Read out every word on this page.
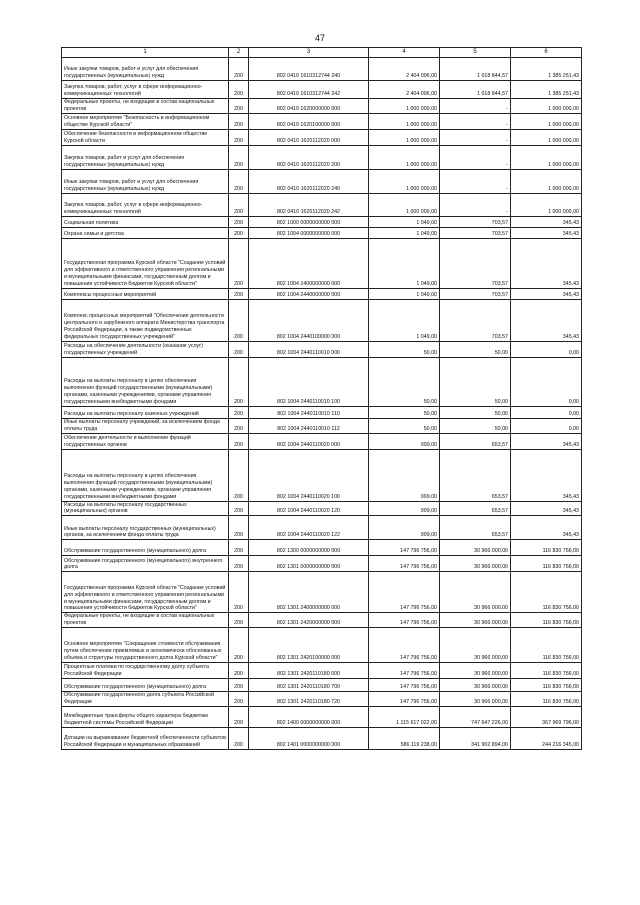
47
1	2	3	4	5	6
Иные закупки товаров, работ и услуг для обеспечения государственных (муниципальных) нужд	200	802 0410 1610312744 240	2 404 096,00	1 018 844,57	1 385 251,43
Закупка товаров, работ, услуг в сфере информационно-коммуникационных технологий	200	802 0410 1610312744 242	2 404 096,00	1 018 844,57	1 385 251,43
Федеральные проекты, не входящие в состав национальных проектов	200	802 0410 1620000000 000	1 000 000,00	-	1 000 000,00
Основное мероприятие "Безопасность в информационном обществе Курской области"	200	802 0410 1620100000 000	1 000 000,00	-	1 000 000,00
Обеспечение безопасности в информационном обществе Курской области	200	802 0410 1620112020 000	1 000 000,00	-	1 000 000,00
Закупка товаров, работ и услуг для обеспечения государственных (муниципальных) нужд	200	802 0410 1620112020 200	1 000 000,00	-	1 000 000,00
Иные закупки товаров, работ и услуг для обеспечения государственных (муниципальных) нужд	200	802 0410 1620112020 240	1 000 000,00	-	1 000 000,00
Закупка товаров, работ, услуг в сфере информационно-коммуникационных технологий	200	802 0410 1620112020 242	1 000 000,00	-	1 000 000,00
Социальная политика	200	802 1000 0000000000 000	1 049,00	703,57	345,43
Охрана семьи и детства	200	802 1004 0000000000 000	1 049,00	703,57	345,43
Государственная программа Курской области "Создание условий для эффективного и ответственного управления региональными и муниципальными финансами, государственным долгом и повышения устойчивости бюджетов Курской области"	200	802 1004 2400000000 000	1 049,00	703,57	345,43
Комплексы процессных мероприятий	200	802 1004 2440000000 000	1 049,00	703,57	345,43
Комплекс процессных мероприятий "Обеспечение деятельности центрального и зарубежного аппарата Министерства транспорта Российской Федерации, а также подведомственных федеральных государственных учреждений"	200	802 1004 2440100000 000	1 049,00	703,57	345,43
Расходы на обеспечение деятельности (оказание услуг) государственных учреждений	200	802 1004 2440110010 000	50,00	50,00	0,00
Расходы на выплаты персоналу в целях обеспечения выполнения функций государственными (муниципальными) органами, казенными учреждениями, органами управления государственными внебюджетными фондами	200	802 1004 2440110010 100	50,00	50,00	0,00
Расходы на выплаты персоналу казенных учреждений	200	802 1004 2440110010 110	50,00	50,00	0,00
Иные выплаты персоналу учреждений, за исключением фонда оплаты труда	200	802 1004 2440110010 112	50,00	50,00	0,00
Обеспечение деятельности и выполнение функций государственных органов	200	802 1004 2440110020 000	999,00	653,57	345,43
Расходы на выплаты персоналу в целях обеспечения выполнения функций государственными (муниципальными) органами, казенными учреждениями, органами управления государственными внебюджетными фондами	200	802 1004 2440110020 100	999,00	653,57	345,43
Расходы на выплаты персоналу государственных (муниципальных) органов	200	802 1004 2440110020 120	999,00	653,57	345,43
Иные выплаты персоналу государственных (муниципальных) органов, за исключением фонда оплаты труда	200	802 1004 2440110020 122	999,00	653,57	345,43
Обслуживание государственного (муниципального) долга	200	802 1300 0000000000 000	147 796 756,00	30 966 000,00	116 830 756,00
Обслуживание государственного (муниципального) внутреннего долга	200	802 1301 0000000000 000	147 796 756,00	30 966 000,00	116 830 756,00
Государственная программа Курской области "Создание условий для эффективного и ответственного управления региональными и муниципальными финансами, государственным долгом и повышения устойчивости бюджетов Курской области"	200	802 1301 2400000000 000	147 796 756,00	30 966 000,00	116 830 756,00
Федеральные проекты, не входящие в состав национальных проектов	200	802 1301 2420000000 000	147 796 756,00	30 966 000,00	116 830 756,00
Основное мероприятие "Сокращение стоимости обслуживания путем обеспечения приемлемых и экономически обоснованных объема и структуры государственного долга Курской области"	200	802 1301 2420100000 000	147 796 756,00	30 966 000,00	116 830 756,00
Процентные платежи по государственному долгу субъекта Российской Федерации	200	802 1301 2420110180 000	147 796 756,00	30 966 000,00	116 830 756,00
Обслуживание государственного (муниципального) долга	200	802 1301 2420110180 700	147 796 756,00	30 966 000,00	116 830 756,00
Обслуживание государственного долга субъекта Российской Федерации	200	802 1301 2420110180 720	147 796 756,00	30 966 000,00	116 830 756,00
Межбюджетные трансферты общего характера бюджетам бюджетной системы Российской Федерации	200	802 1400 0000000000 000	1 115 617 022,00	747 647 226,00	367 969 796,00
Дотации на выравнивание бюджетной обеспеченности субъектов Российской Федерации и муниципальных образований	200	802 1401 0000000000 000	586 119 238,00	341 902 894,00	244 216 345,00
